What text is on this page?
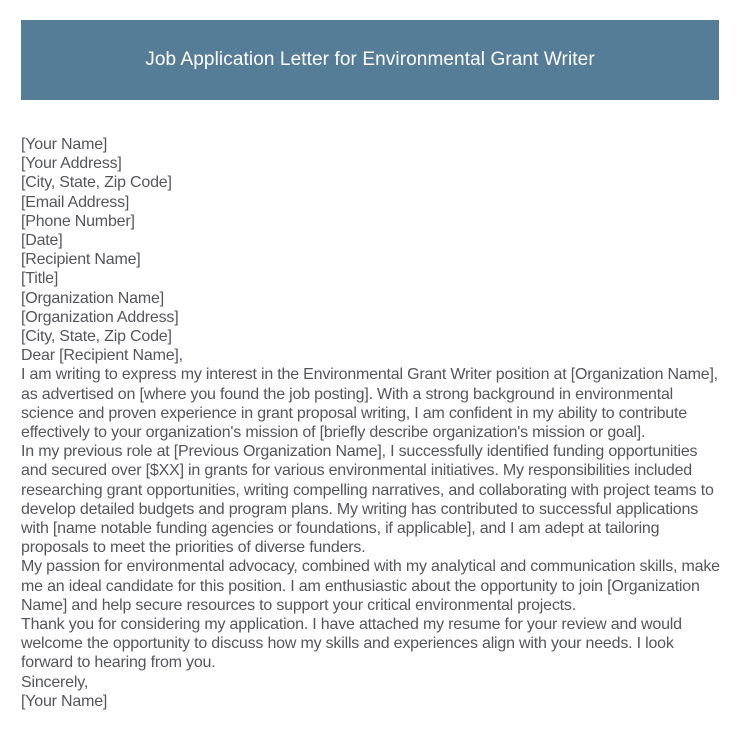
Job Application Letter for Environmental Grant Writer
[Your Name]
[Your Address]
[City, State, Zip Code]
[Email Address]
[Phone Number]
[Date]
[Recipient Name]
[Title]
[Organization Name]
[Organization Address]
[City, State, Zip Code]
Dear [Recipient Name],

I am writing to express my interest in the Environmental Grant Writer position at [Organization Name], as advertised on [where you found the job posting]. With a strong background in environmental science and proven experience in grant proposal writing, I am confident in my ability to contribute effectively to your organization's mission of [briefly describe organization's mission or goal].

In my previous role at [Previous Organization Name], I successfully identified funding opportunities and secured over [$XX] in grants for various environmental initiatives. My responsibilities included researching grant opportunities, writing compelling narratives, and collaborating with project teams to develop detailed budgets and program plans. My writing has contributed to successful applications with [name notable funding agencies or foundations, if applicable], and I am adept at tailoring proposals to meet the priorities of diverse funders.

My passion for environmental advocacy, combined with my analytical and communication skills, make me an ideal candidate for this position. I am enthusiastic about the opportunity to join [Organization Name] and help secure resources to support your critical environmental projects.

Thank you for considering my application. I have attached my resume for your review and would welcome the opportunity to discuss how my skills and experiences align with your needs. I look forward to hearing from you.

Sincerely,
[Your Name]
